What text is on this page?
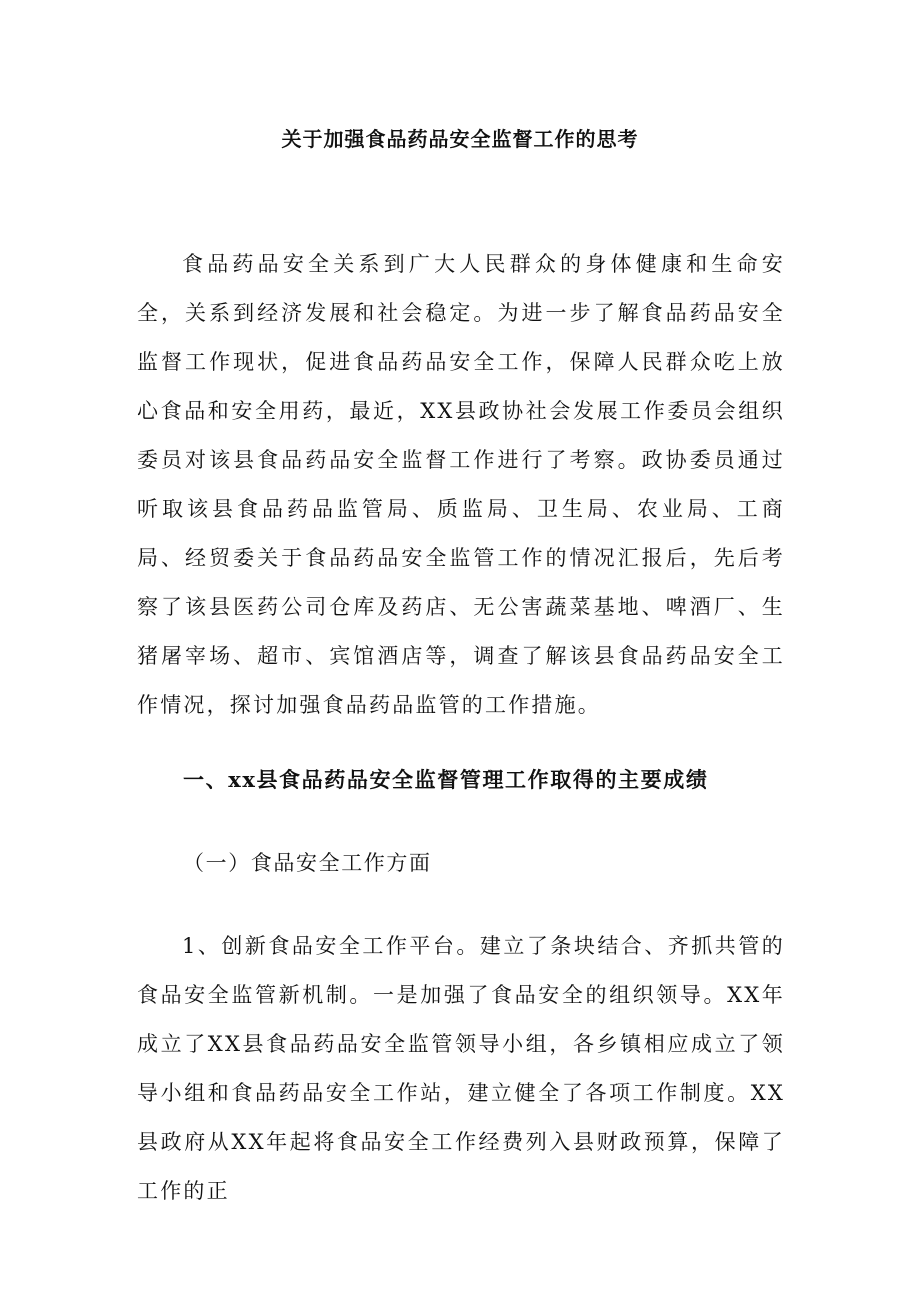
关于加强食品药品安全监督工作的思考

食品药品安全关系到广大人民群众的身体健康和生命安全，关系到经济发展和社会稳定。为进一步了解食品药品安全监督工作现状，促进食品药品安全工作，保障人民群众吃上放心食品和安全用药，最近，XX县政协社会发展工作委员会组织委员对该县食品药品安全监督工作进行了考察。政协委员通过听取该县食品药品监管局、质监局、卫生局、农业局、工商局、经贸委关于食品药品安全监管工作的情况汇报后，先后考察了该县医药公司仓库及药店、无公害蔬菜基地、啤酒厂、生猪屠宰场、超市、宾馆酒店等，调查了解该县食品药品安全工作情况，探讨加强食品药品监管的工作措施。

一、xx县食品药品安全监督管理工作取得的主要成绩
（一）食品安全工作方面

1、创新食品安全工作平台。建立了条块结合、齐抓共管的食品安全监管新机制。一是加强了食品安全的组织领导。XX年成立了XX县食品药品安全监管领导小组，各乡镇相应成立了领导小组和食品药品安全工作站，建立健全了各项工作制度。XX县政府从XX年起将食品安全工作经费列入县财政预算，保障了工作的正
